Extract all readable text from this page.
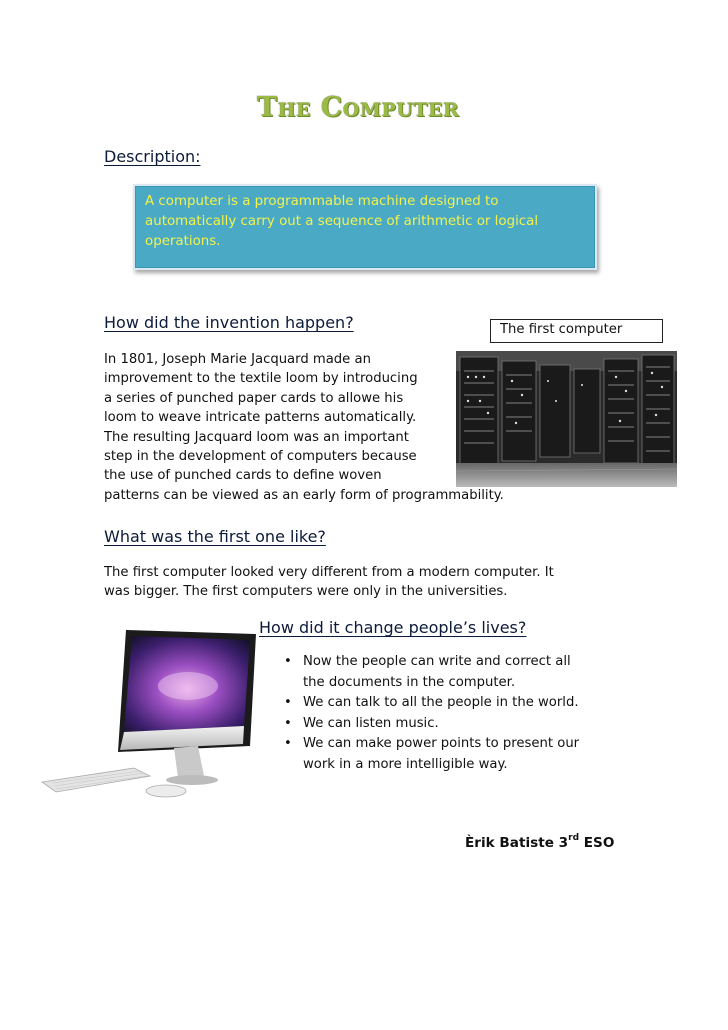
The Computer
Description:
A computer is a programmable machine designed to
automatically carry out a sequence of arithmetic or logical
operations.
How did the invention happen?	The first computer
In 1801, Joseph Marie Jacquard made an
improvement to the textile loom by introducing
a series of punched paper cards to allowe his
loom to weave intricate patterns automatically.
The resulting Jacquard loom was an important
step in the development of computers because
the use of punched cards to define woven
patterns can be viewed as an early form of programmability.
What was the first one like?
The first computer looked very different from a modern computer. It
was bigger. The first computers were only in the universities.
How did it change people’s lives?
• Now the people can write and correct all
the documents in the computer.
• We can talk to all the people in the world.
• We can listen music.
• We can make power points to present our
work in a more intelligible way.
Èrik Batiste 3rd ESO
